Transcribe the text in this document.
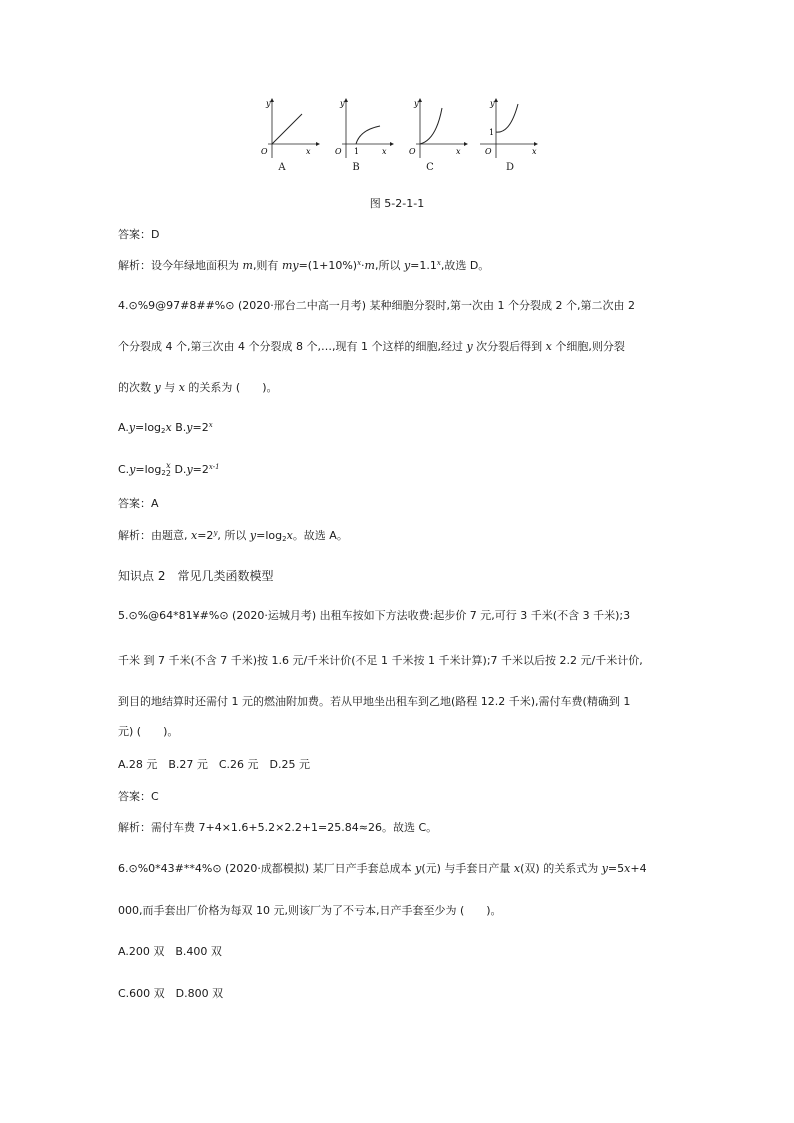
y
x
O
A
y
x
O 1
B
y
x
O
C
y
x
O
1
D
图 5-2-1-1
答案：D
解析：设今年绿地面积为 m,则有 $my=(1+10\%)^x\cdot m$,所以 $y=1.1^x$,故选 D。
4.⊙%9@97#8##%⊙ (2020·邢台二中高一月考) 某种细胞分裂时,第一次由 1 个分裂成 2 个,第二次由 2
个分裂成 4 个,第三次由 4 个分裂成 8 个,…,现有 1 个这样的细胞,经过 y 次分裂后得到 x 个细胞,则分裂
的次数 y 与 x 的关系为 (　　)。
$A.y=\log_2x$ $B.y=2^x$
$C.y=\log_2$
x
2 $D.y=2^{x-1}$
答案：A
解析：由题意, $x=2^y$, 所以 $y=\log_2x$。故选 A。
知识点 2　常见几类函数模型
5.⊙%@64*81¥#%⊙ (2020·运城月考) 出租车按如下方法收费:起步价 7 元,可行 3 千米(不含 3 千米);3
千米 到 7 千米(不含 7 千米)按 1.6 元/千米计价(不足 1 千米按 1 千米计算);7 千米以后按 2.2 元/千米计价,
到目的地结算时还需付 1 元的燃油附加费。若从甲地坐出租车到乙地(路程 12.2 千米),需付车费(精确到 1
元) (　　)。
A.28 元　B.27 元　C.26 元　D.25 元
答案：C
解析：需付车费 7+4×1.6+5.2×2.2+1=25.84≈26。故选 C。
6.⊙%0*43#**4%⊙ (2020·成都模拟) 某厂日产手套总成本 y(元) 与手套日产量 x(双) 的关系式为 y=5x+4
000,而手套出厂价格为每双 10 元,则该厂为了不亏本,日产手套至少为 (　　)。
A.200 双　B.400 双
C.600 双　D.800 双
